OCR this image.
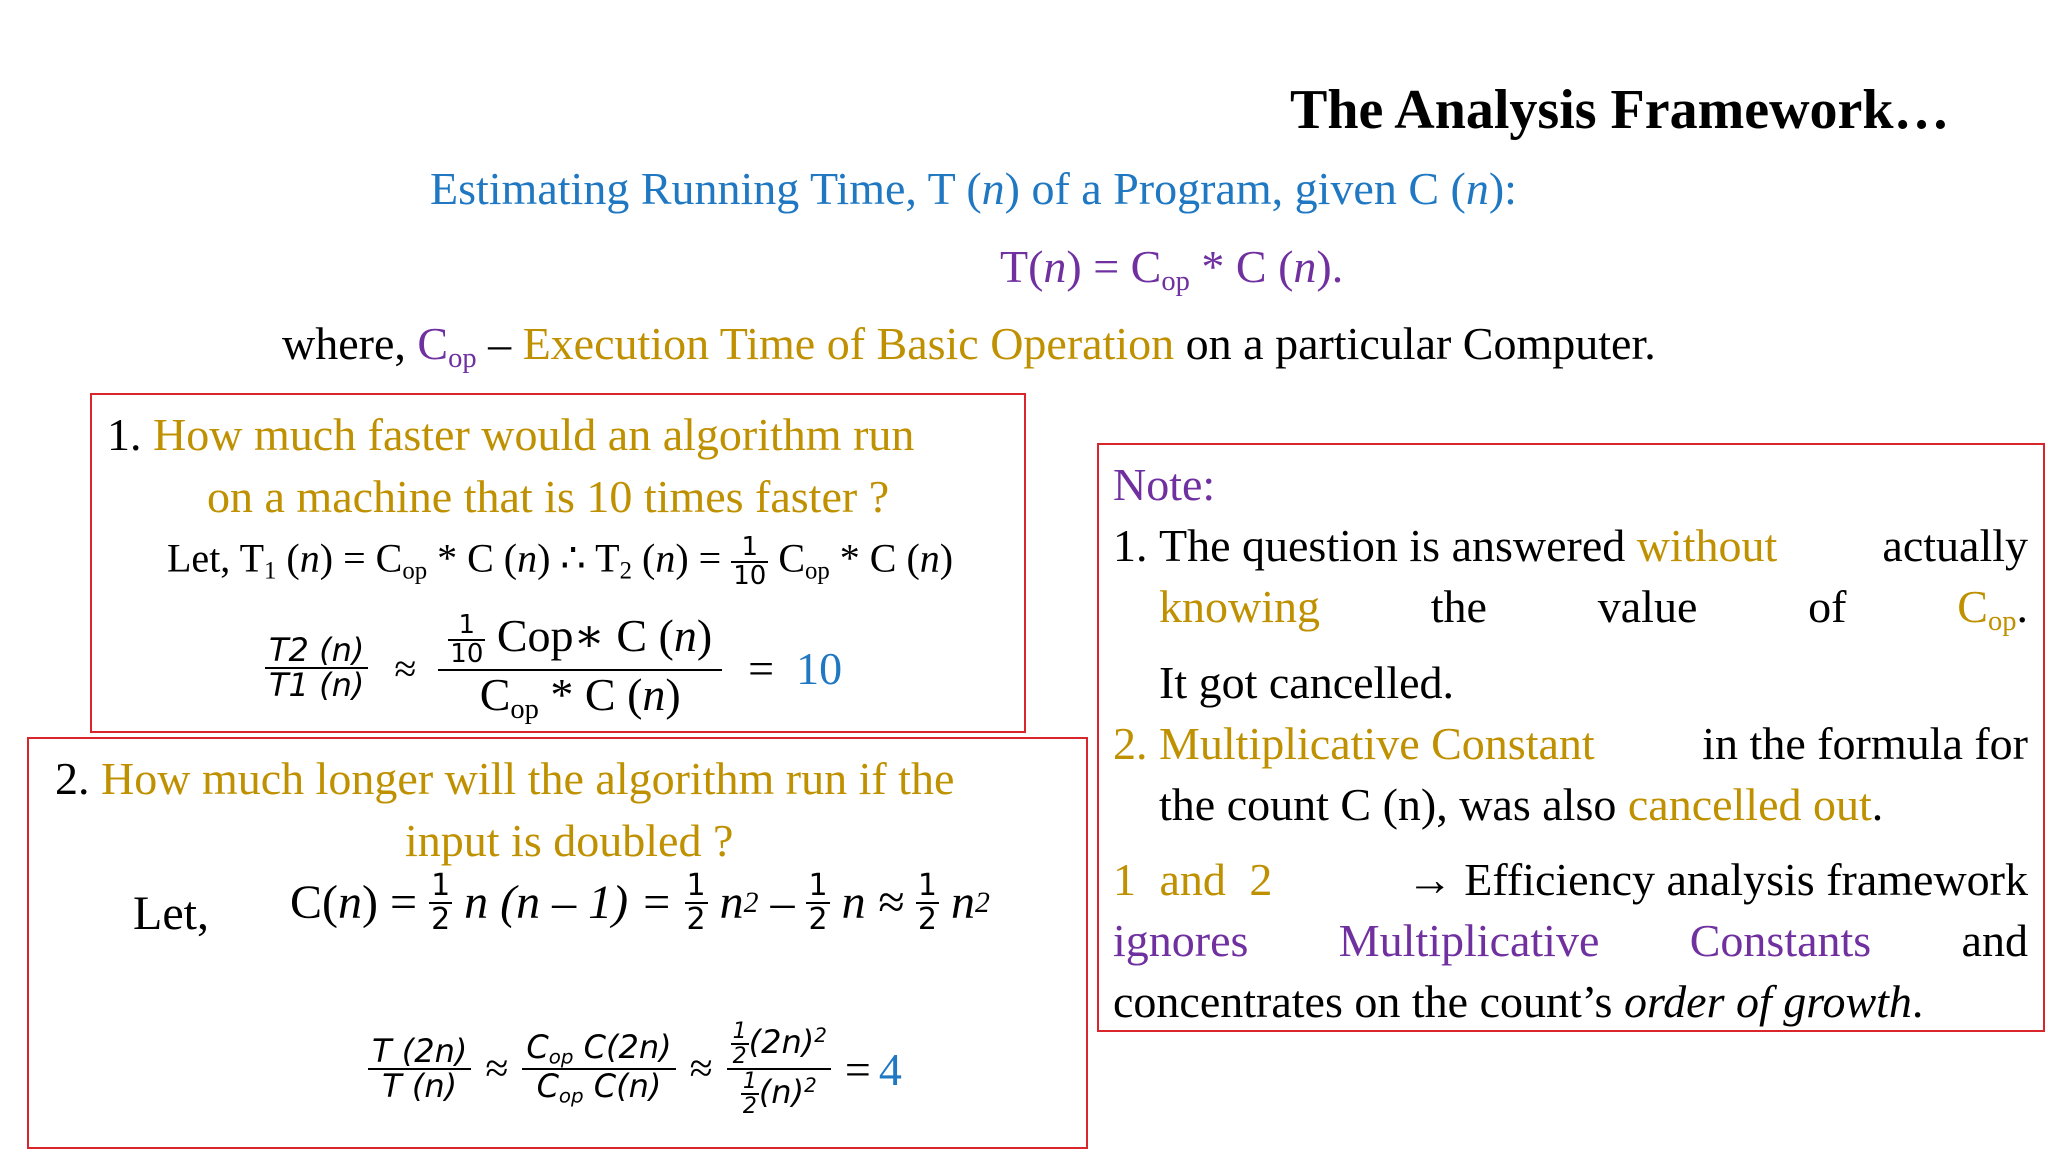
The Analysis Framework…
Estimating Running Time, T (n) of a Program, given C (n):
$T(n) = C_{op} * C$ (n).
where, $C_{op}$ – Execution Time of Basic Operation on a particular Computer.
1. How much faster would an algorithm run
on a machine that is 10 times faster ?
Let, $T_1$ $(n) = C_{op} * C$ (n) ∴ $T_2$ $(n) = \frac{1}{10} C_{op} * C$ (n)
$\frac{T2 (n)}{T1 (n)} \approx \frac{\frac{1}{10} Cop∗ C (n)}{C_{op} * C (n)} = 10$
2. How much longer will the algorithm run if the
input is doubled ?
Let, C( n ) = $\frac{1}{2}$ n $(n - 1) = \frac{1}{2}$ n $2 - \frac{1}{2}$ $n \approx \frac{1}{2}$ n 2
$\frac{T (2n)}{T (n)} \approx \frac{C_{op} C(2n)}{C_{op} C(n)} \approx \frac{\frac{1}{2} (2n)^2}{\frac{1}{2} (n)^2} = 4$
Note:
1. The question is answered without actually
knowing the value of $C_{op}$.
It got cancelled.
2. Multiplicative Constant in the formula for
the count C (n), was also cancelled out.
1 and 2	→ Efficiency analysis framework
ignores Multiplicative Constants and
concentrates on the count’s order of growth.
